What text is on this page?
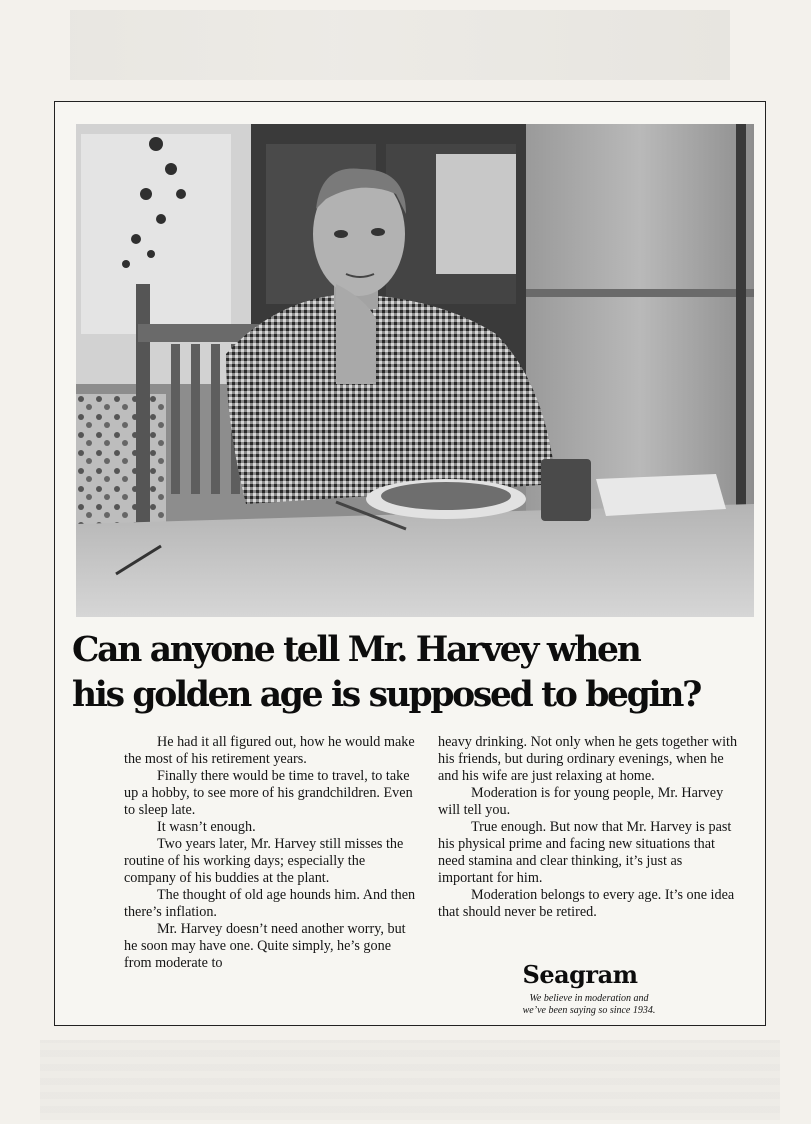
Can anyone tell Mr. Harvey when
his golden age is supposed to begin?

He had it all figured out, how he would make the most of his retirement years.

Finally there would be time to travel, to take up a hobby, to see more of his grandchildren. Even to sleep late.

It wasn’t enough.

Two years later, Mr. Harvey still misses the routine of his working days; especially the company of his buddies at the plant.

The thought of old age hounds him. And then there’s inflation.

Mr. Harvey doesn’t need another worry, but he soon may have one. Quite simply, he’s gone from moderate to

heavy drinking. Not only when he gets together with his friends, but during ordinary evenings, when he and his wife are just relaxing at home.

Moderation is for young people, Mr. Harvey will tell you.

True enough. But now that Mr. Harvey is past his physical prime and facing new situations that need stamina and clear thinking, it’s just as important for him.

Moderation belongs to every age. It’s one idea that should never be retired.

Seagram
We believe in moderation and
we’ve been saying so since 1934.
